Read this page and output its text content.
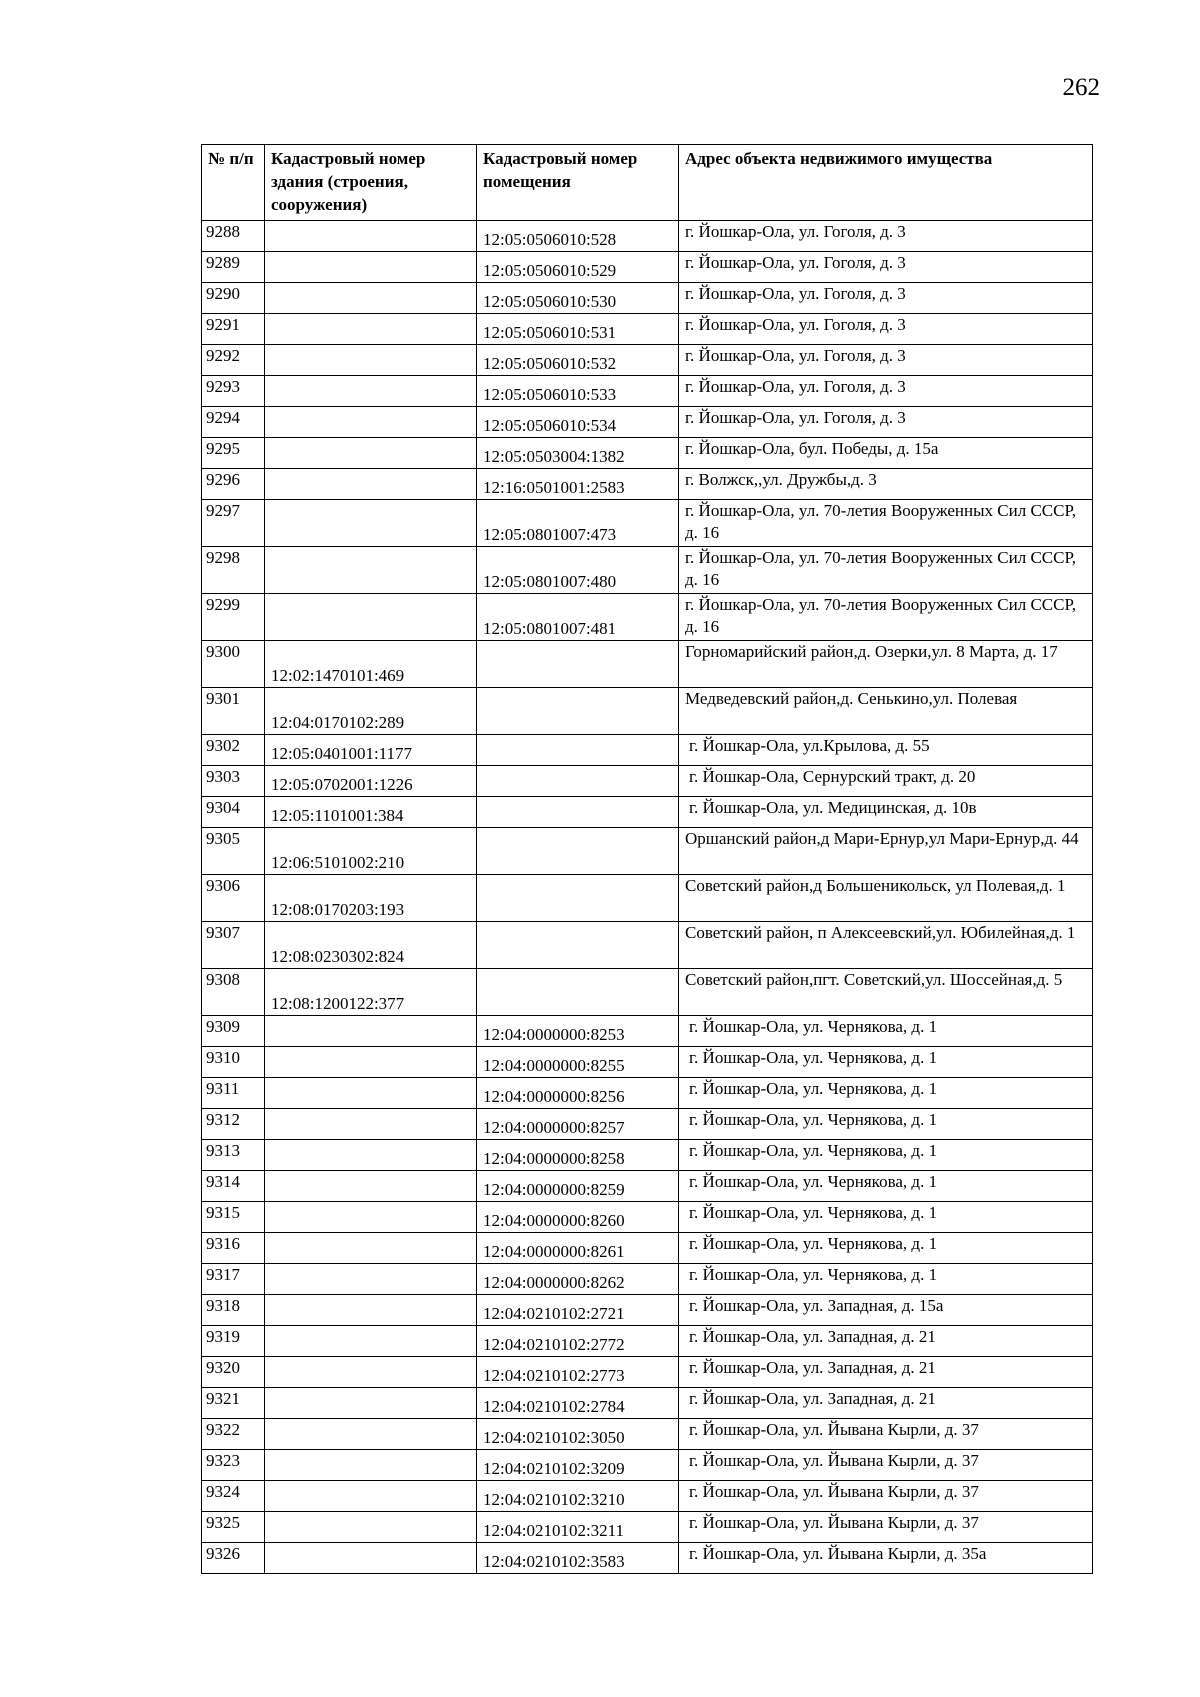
262
№ п/п	Кадастровый номер здания (строения, сооружения)	Кадастровый номер помещения	Адрес объекта недвижимого имущества
9288		12:05:0506010:528	г. Йошкар-Ола, ул. Гоголя, д. 3
9289		12:05:0506010:529	г. Йошкар-Ола, ул. Гоголя, д. 3
9290		12:05:0506010:530	г. Йошкар-Ола, ул. Гоголя, д. 3
9291		12:05:0506010:531	г. Йошкар-Ола, ул. Гоголя, д. 3
9292		12:05:0506010:532	г. Йошкар-Ола, ул. Гоголя, д. 3
9293		12:05:0506010:533	г. Йошкар-Ола, ул. Гоголя, д. 3
9294		12:05:0506010:534	г. Йошкар-Ола, ул. Гоголя, д. 3
9295		12:05:0503004:1382	г. Йошкар-Ола, бул. Победы, д. 15а
9296		12:16:0501001:2583	г. Волжск,,ул. Дружбы,д. 3
9297		12:05:0801007:473	г. Йошкар-Ола, ул. 70-летия Вооруженных Сил СССР, д. 16
9298		12:05:0801007:480	г. Йошкар-Ола, ул. 70-летия Вооруженных Сил СССР, д. 16
9299		12:05:0801007:481	г. Йошкар-Ола, ул. 70-летия Вооруженных Сил СССР, д. 16
9300	12:02:1470101:469		Горномарийский район,д. Озерки,ул. 8 Марта, д. 17
9301	12:04:0170102:289		Медведевский район,д. Сенькино,ул. Полевая
9302	12:05:0401001:1177		г. Йошкар-Ола, ул.Крылова, д. 55
9303	12:05:0702001:1226		г. Йошкар-Ола, Сернурский тракт, д. 20
9304	12:05:1101001:384		г. Йошкар-Ола, ул. Медицинская, д. 10в
9305	12:06:5101002:210		Оршанский район,д Мари-Ернур,ул Мари-Ернур,д. 44
9306	12:08:0170203:193		Советский район,д Большеникольск, ул Полевая,д. 1
9307	12:08:0230302:824		Советский район, п Алексеевский,ул. Юбилейная,д. 1
9308	12:08:1200122:377		Советский район,пгт. Советский,ул. Шоссейная,д. 5
9309		12:04:0000000:8253	г. Йошкар-Ола, ул. Чернякова, д. 1
9310		12:04:0000000:8255	г. Йошкар-Ола, ул. Чернякова, д. 1
9311		12:04:0000000:8256	г. Йошкар-Ола, ул. Чернякова, д. 1
9312		12:04:0000000:8257	г. Йошкар-Ола, ул. Чернякова, д. 1
9313		12:04:0000000:8258	г. Йошкар-Ола, ул. Чернякова, д. 1
9314		12:04:0000000:8259	г. Йошкар-Ола, ул. Чернякова, д. 1
9315		12:04:0000000:8260	г. Йошкар-Ола, ул. Чернякова, д. 1
9316		12:04:0000000:8261	г. Йошкар-Ола, ул. Чернякова, д. 1
9317		12:04:0000000:8262	г. Йошкар-Ола, ул. Чернякова, д. 1
9318		12:04:0210102:2721	г. Йошкар-Ола, ул. Западная, д. 15а
9319		12:04:0210102:2772	г. Йошкар-Ола, ул. Западная, д. 21
9320		12:04:0210102:2773	г. Йошкар-Ола, ул. Западная, д. 21
9321		12:04:0210102:2784	г. Йошкар-Ола, ул. Западная, д. 21
9322		12:04:0210102:3050	г. Йошкар-Ола, ул. Йывана Кырли, д. 37
9323		12:04:0210102:3209	г. Йошкар-Ола, ул. Йывана Кырли, д. 37
9324		12:04:0210102:3210	г. Йошкар-Ола, ул. Йывана Кырли, д. 37
9325		12:04:0210102:3211	г. Йошкар-Ола, ул. Йывана Кырли, д. 37
9326		12:04:0210102:3583	г. Йошкар-Ола, ул. Йывана Кырли, д. 35а
